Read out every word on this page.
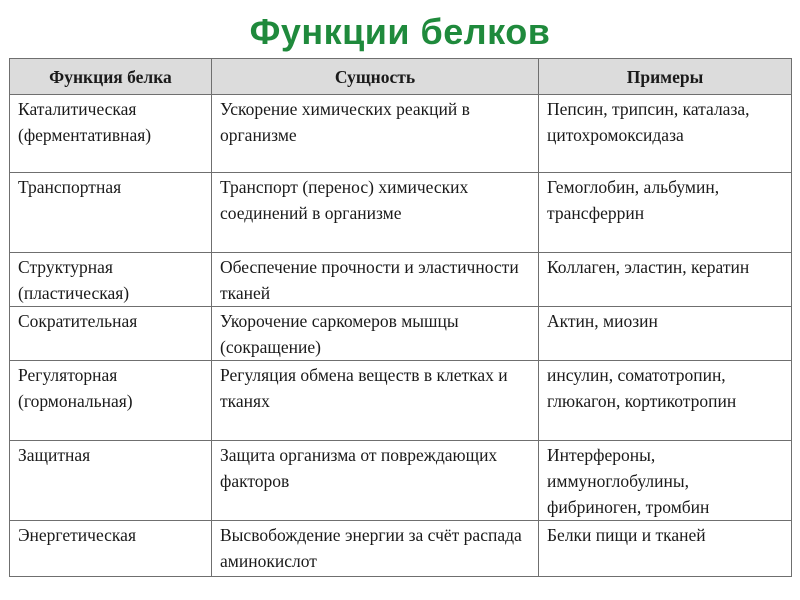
Функции белков
Функция белка	Сущность	Примеры
Каталитическая (ферментативная)	Ускорение химических реакций в организме	Пепсин, трипсин, каталаза, цитохромоксидаза
Транспортная	Транспорт (перенос) химических соединений в организме	Гемоглобин, альбумин, трансферрин
Структурная (пластическая)	Обеспечение прочности и эластичности тканей	Коллаген, эластин, кератин
Сократительная	Укорочение саркомеров мышцы (сокращение)	Актин, миозин
Регуляторная (гормональная)	Регуляция обмена веществ в клетках и тканях	инсулин, соматотропин, глюкагон, кортикотропин
Защитная	Защита организма от повреждающих факторов	Интерфероны, иммуноглобулины, фибриноген, тромбин
Энергетическая	Высвобождение энергии за счёт распада аминокислот	Белки пищи и тканей
